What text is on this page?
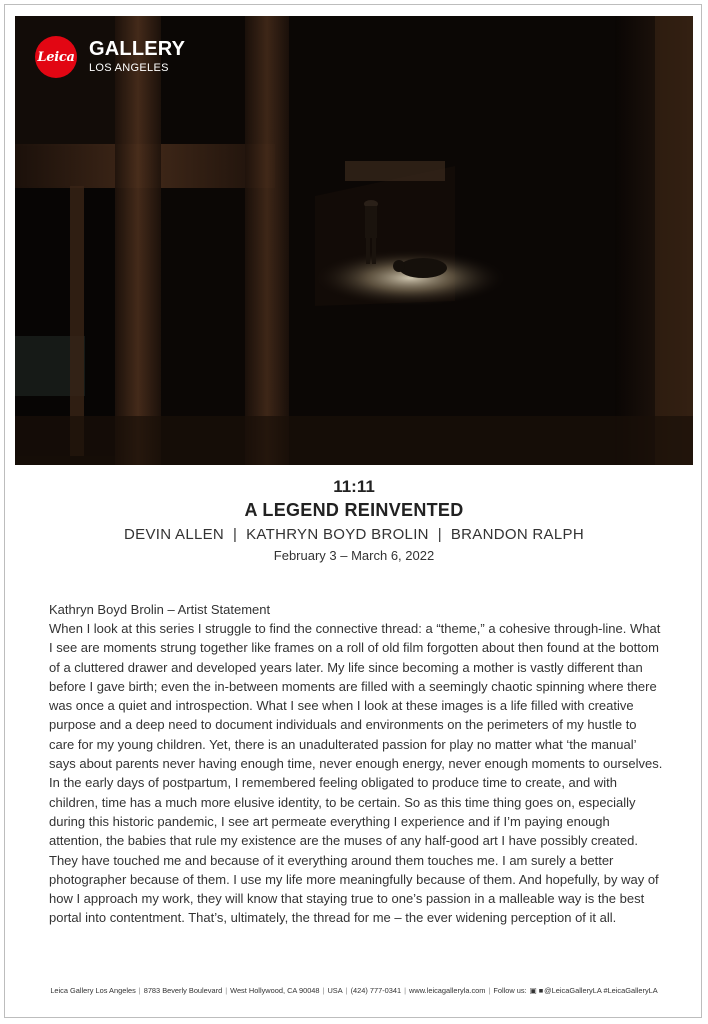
Leica GALLERY
LOS ANGELES
11:11
A LEGEND REINVENTED
DEVIN ALLEN  |  KATHRYN BOYD BROLIN  |  BRANDON RALPH
February 3 – March 6, 2022
Kathryn Boyd Brolin – Artist Statement

When I look at this series I struggle to find the connective thread: a “theme,” a cohesive through-line. What I see are moments strung together like frames on a roll of old film forgotten about then found at the bottom of a cluttered drawer and developed years later. My life since becoming a mother is vastly different than before I gave birth; even the in-between moments are filled with a seemingly chaotic spinning where there was once a quiet and introspection. What I see when I look at these images is a life filled with creative purpose and a deep need to document individuals and environments on the perimeters of my hustle to care for my young children. Yet, there is an unadulterated passion for play no matter what ‘the manual’ says about parents never having enough time, never enough energy, never enough moments to ourselves. In the early days of postpartum, I remembered feeling obligated to produce time to create, and with children, time has a much more elusive identity, to be certain. So as this time thing goes on, especially during this historic pandemic, I see art permeate everything I experience and if I’m paying enough attention, the babies that rule my existence are the muses of any half-good art I have possibly created. They have touched me and because of it everything around them touches me. I am surely a better photographer because of them. I use my life more meaningfully because of them. And hopefully, by way of how I approach my work, they will know that staying true to one’s passion in a malleable way is the best portal into contentment. That’s, ultimately, the thread for me – the ever widening perception of it all.

Leica Gallery Los Angeles | 8783 Beverly Boulevard | West Hollywood, CA 90048 | USA | (424) 777-0341 | www.leicagalleryla.com | Follow us: ▣ ■@LeicaGalleryLA #LeicaGalleryLA
